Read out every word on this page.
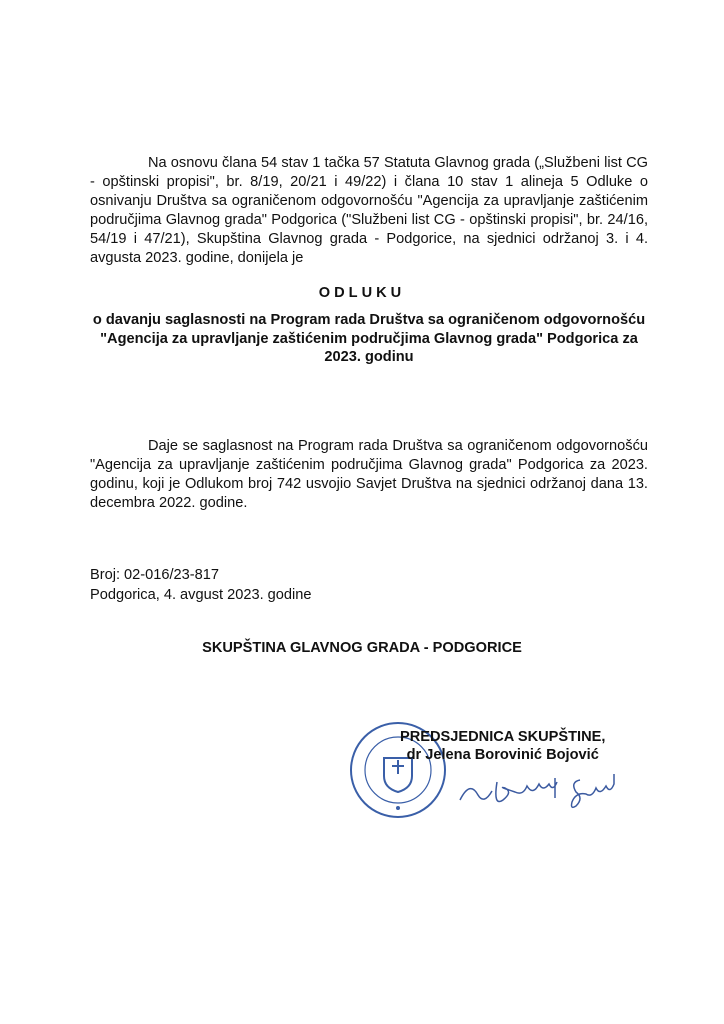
Na osnovu člana 54 stav 1 tačka 57 Statuta Glavnog grada („Službeni list CG - opštinski propisi", br. 8/19, 20/21 i 49/22) i člana 10 stav 1 alineja 5 Odluke o osnivanju Društva sa ograničenom odgovornošću "Agencija za upravljanje zaštićenim područjima Glavnog grada" Podgorica ("Službeni list CG - opštinski propisi", br. 24/16, 54/19 i 47/21), Skupština Glavnog grada - Podgorice, na sjednici održanoj 3. i 4. avgusta 2023. godine, donijela je
ODLUKU
o davanju saglasnosti na Program rada Društva sa ograničenom odgovornošću "Agencija za upravljanje zaštićenim područjima Glavnog grada" Podgorica za 2023. godinu
Daje se saglasnost na Program rada Društva sa ograničenom odgovornošću "Agencija za upravljanje zaštićenim područjima Glavnog grada" Podgorica za 2023. godinu, koji je Odlukom broj 742 usvojio Savjet Društva na sjednici održanoj dana 13. decembra 2022. godine.
Broj: 02-016/23-817
Podgorica, 4. avgust 2023. godine
SKUPŠTINA GLAVNOG GRADA - PODGORICE
PREDSJEDNICA SKUPŠTINE,
dr Jelena Borovinić Bojović
